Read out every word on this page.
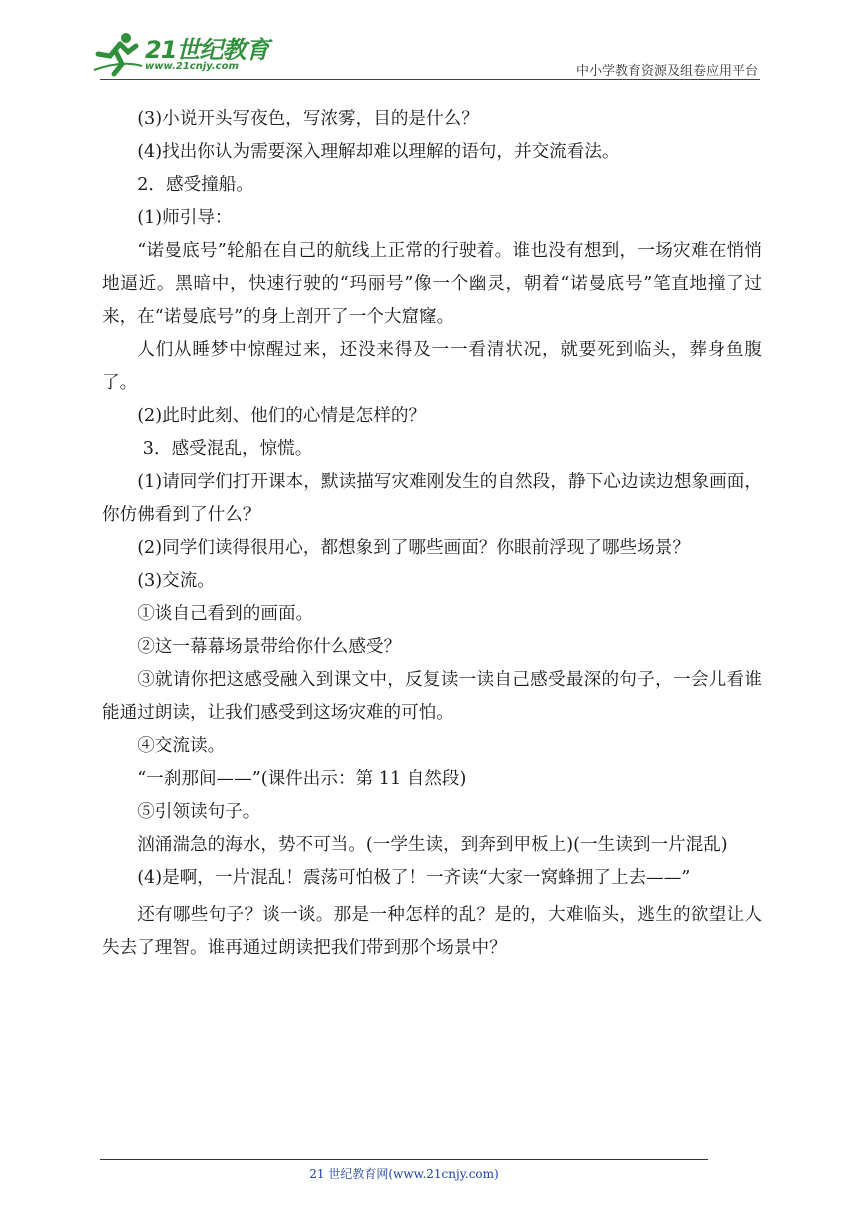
21世纪教育
www.21cnjy.com	中小学教育资源及组卷应用平台

(3)小说开头写夜色，写浓雾，目的是什么？

(4)找出你认为需要深入理解却难以理解的语句，并交流看法。

2．感受撞船。

(1)师引导：

“诺曼底号”轮船在自己的航线上正常的行驶着。谁也没有想到，一场灾难在悄悄地逼近。黑暗中，快速行驶的“玛丽号”像一个幽灵，朝着“诺曼底号”笔直地撞了过来，在“诺曼底号”的身上剖开了一个大窟窿。

人们从睡梦中惊醒过来，还没来得及一一看清状况，就要死到临头，葬身鱼腹了。

(2)此时此刻、他们的心情是怎样的？

3．感受混乱，惊慌。

(1)请同学们打开课本，默读描写灾难刚发生的自然段，静下心边读边想象画面，你仿佛看到了什么？

(2)同学们读得很用心，都想象到了哪些画面？你眼前浮现了哪些场景？

(3)交流。

①谈自己看到的画面。

②这一幕幕场景带给你什么感受？

③就请你把这感受融入到课文中，反复读一读自己感受最深的句子，一会儿看谁能通过朗读，让我们感受到这场灾难的可怕。

④交流读。

“一刹那间——”(课件出示：第 11 自然段)

⑤引领读句子。

汹涌湍急的海水，势不可当。(一学生读，到奔到甲板上)(一生读到一片混乱)

(4)是啊，一片混乱！震荡可怕极了！一齐读“大家一窝蜂拥了上去——”

还有哪些句子？谈一谈。那是一种怎样的乱？是的，大难临头，逃生的欲望让人失去了理智。谁再通过朗读把我们带到那个场景中？

21 世纪教育网(www.21cnjy.com)
